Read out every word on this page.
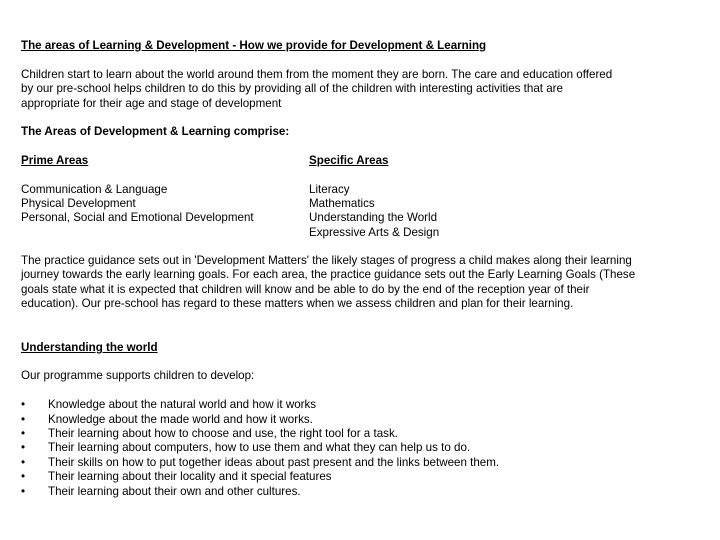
The areas of Learning & Development - How we provide for Development & Learning
Children start to learn about the world around them from the moment they are born. The care and education offered
by our pre-school helps children to do this by providing all of the children with interesting activities that are
appropriate for their age and stage of development
The Areas of Development & Learning comprise:
Prime Areas	Specific Areas
Communication & Language
Physical Development
Personal, Social and Emotional Development
Literacy
Mathematics
Understanding the World
Expressive Arts & Design
The practice guidance sets out in 'Development Matters' the likely stages of progress a child makes along their learning
journey towards the early learning goals. For each area, the practice guidance sets out the Early Learning Goals (These
goals state what it is expected that children will know and be able to do by the end of the reception year of their
education). Our pre-school has regard to these matters when we assess children and plan for their learning.
Understanding the world
Our programme supports children to develop:
• Knowledge about the natural world and how it works
• Knowledge about the made world and how it works.
• Their learning about how to choose and use, the right tool for a task.
• Their learning about computers, how to use them and what they can help us to do.
• Their skills on how to put together ideas about past present and the links between them.
• Their learning about their locality and it special features
• Their learning about their own and other cultures.
